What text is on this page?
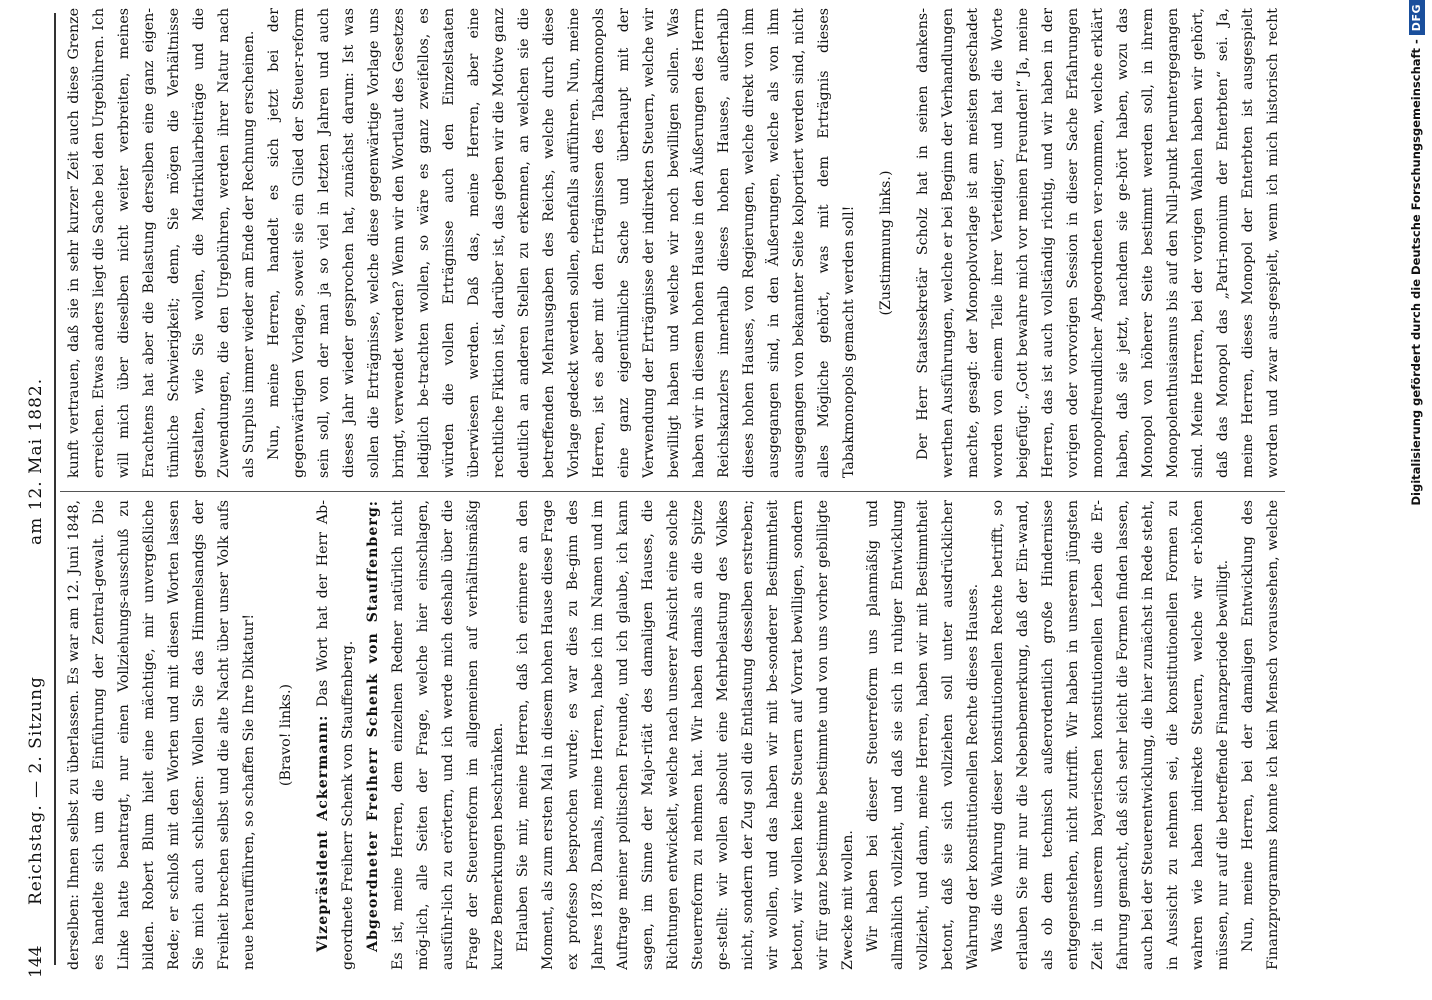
144
Reichstag. — 2. Sitzung
am 12. Mai 1882.

derselben: Ihnen selbst zu überlassen. Es war am 12. Juni 1848, es handelte sich um die Einführung der Zentral-gewalt. Die Linke hatte beantragt, nur einen Vollziehungs-ausschuß zu bilden. Robert Blum hielt eine mächtige, mir unvergeßliche Rede; er schloß mit den Worten und mit diesen Worten lassen Sie mich auch schließen: Wollen Sie das Himmelsandgs der Freiheit brechen selbst und die alte Nacht über unser Volk aufs neue heraufführen, so schaffen Sie Ihre Diktatur!	(Bravo! links.)	Vizepräsident Ackermann: Das Wort hat der Herr Ab-geordnete Freiherr Schenk von Stauffenberg. Abgeordneter Freiherr Schenk von Stauffenberg: Es ist, meine Herren, dem einzelnen Redner natürlich nicht mög-lich, alle Seiten der Frage, welche hier einschlagen, ausführ-lich zu erörtern, und ich werde mich deshalb über die Frage der Steuerreform im allgemeinen auf verhältnismäßig kurze Bemerkungen beschränken. Erlauben Sie mir, meine Herren, daß ich erinnere an den Moment, als zum ersten Mal in diesem hohen Hause diese Frage ex professo besprochen wurde; es war dies zu Be-ginn des Jahres 1878. Damals, meine Herren, habe ich im Namen und im Auftrage meiner politischen Freunde, und ich glaube, ich kann sagen, im Sinne der Majo-rität des damaligen Hauses, die Richtungen entwickelt, welche nach unserer Ansicht eine solche Steuerreform zu nehmen hat. Wir haben damals an die Spitze ge-stellt: wir wollen absolut eine Mehrbelastung des Volkes nicht, sondern der Zug soll die Entlastung desselben erstreben; wir wollen, und das haben wir mit be-sonderer Bestimmtheit betont, wir wollen keine Steuern auf Vorrat bewilligen, sondern wir für ganz bestimmte bestimmte und von uns vorher gebilligte Zwecke mit wollen. Wir haben bei dieser Steuerreform uns planmäßig und allmählich vollzieht, und daß sie sich in ruhiger Entwicklung vollzieht, und dann, meine Herren, haben wir mit Bestimmtheit betont, daß sie sich vollziehen soll unter ausdrücklicher Wahrung der konstitutionellen Rechte dieses Hauses. Was die Wahrung dieser konstitutionellen Rechte betrifft, so erlauben Sie mir nur die Nebenbemerkung, daß der Ein-wand, als ob dem technisch außerordentlich große Hindernisse entgegenstehen, nicht zutrifft. Wir haben in unserem jüngsten Zeit in unserem bayerischen konstitutionellen Leben die Er-fahrung gemacht, daß sich sehr leicht die Formen finden lassen, auch bei der Steuerentwicklung, die hier zunächst in Rede steht, in Aussicht zu nehmen sei, die konstitutionellen Formen zu wahren wie haben indirekte Steuern, welche wir er-höhen müssen, nur auf die betreffende Finanzperiode bewilligt. Nun, meine Herren, bei der damaligen Entwicklung des Finanzprogramms konnte ich kein Mensch voraussehen, welche

kunft vertrauen, daß sie in sehr kurzer Zeit auch diese Grenze erreichen. Etwas anders liegt die Sache bei den Urgebühren. Ich will mich über dieselben nicht weiter verbreiten, meines Erachtens hat aber die Belastung derselben eine ganz eigen-tümliche Schwierigkeit; denn, Sie mögen die Verhältnisse gestalten, wie Sie wollen, die Matrikularbeiträge und die Zuwendungen, die den Urgebühren, werden ihrer Natur nach als Surplus immer wieder am Ende der Rechnung erscheinen. Nun, meine Herren, handelt es sich jetzt bei der gegenwärtigen Vorlage, soweit sie ein Glied der Steuer-reform sein soll, von der man ja so viel in letzten Jahren und auch dieses Jahr wieder gesprochen hat, zunächst darum: Ist was sollen die Erträgnisse, welche diese gegenwärtige Vorlage uns bringt, verwendet werden? Wenn wir den Wortlaut des Gesetzes lediglich be-trachten wollen, so wäre es ganz zweifellos, es würden die vollen Erträgnisse auch den Einzelstaaten überwiesen werden. Daß das, meine Herren, aber eine rechtliche Fiktion ist, darüber ist, das geben wir die Motive ganz deutlich an anderen Stellen zu erkennen, an welchen sie die betreffenden Mehrausgaben des Reichs, welche durch diese Vorlage gedeckt werden sollen, ebenfalls aufführen. Nun, meine Herren, ist es aber mit den Erträgnissen des Tabakmonopols eine ganz eigentümliche Sache und überhaupt mit der Verwendung der Erträgnisse der indirekten Steuern, welche wir bewilligt haben und welche wir noch bewilligen sollen. Was haben wir in diesem hohen Hause in den Äußerungen des Herrn Reichskanzlers innerhalb dieses hohen Hauses, außerhalb dieses hohen Hauses, von Regierungen, welche direkt von ihm ausgegangen sind, in den Äußerungen, welche als von ihm ausgegangen von bekannter Seite kolportiert werden sind, nicht alles Mögliche gehört, was mit dem Erträgnis dieses Tabakmonopols gemacht werden soll!	(Zustimmung links.)

Der Herr Staatssekretär Scholz hat in seinen dankens-werthen Ausführungen, welche er bei Beginn der Verhandlungen machte, gesagt: der Monopolvorlage ist am meisten geschadet worden von einem Teile ihrer Verteidiger, und hat die Worte beigefügt: „Gott bewahre mich vor meinen Freunden!“ Ja, meine Herren, das ist auch vollständig richtig, und wir haben in der vorigen oder vorvorigen Session in dieser Sache Erfahrungen monopolfreundlicher Abgeordneten ver-nommen, welche erklärt haben, daß sie jetzt, nachdem sie ge-hört haben, wozu das Monopol von höherer Seite bestimmt werden soll, in ihrem Monopolenthusiasmus bis auf den Null-punkt heruntergegangen sind. Meine Herren, bei der vorigen Wahlen haben wir gehört, daß das Monopol das „Patri-monium der Enterbten“ sei. Ja, meine Herren, dieses Monopol der Enterbten ist ausgespielt worden und zwar aus-gespielt, wenn ich mich historisch recht

Digitalisierung gefördert durch die Deutsche Forschungsgemeinschaft -DFG
